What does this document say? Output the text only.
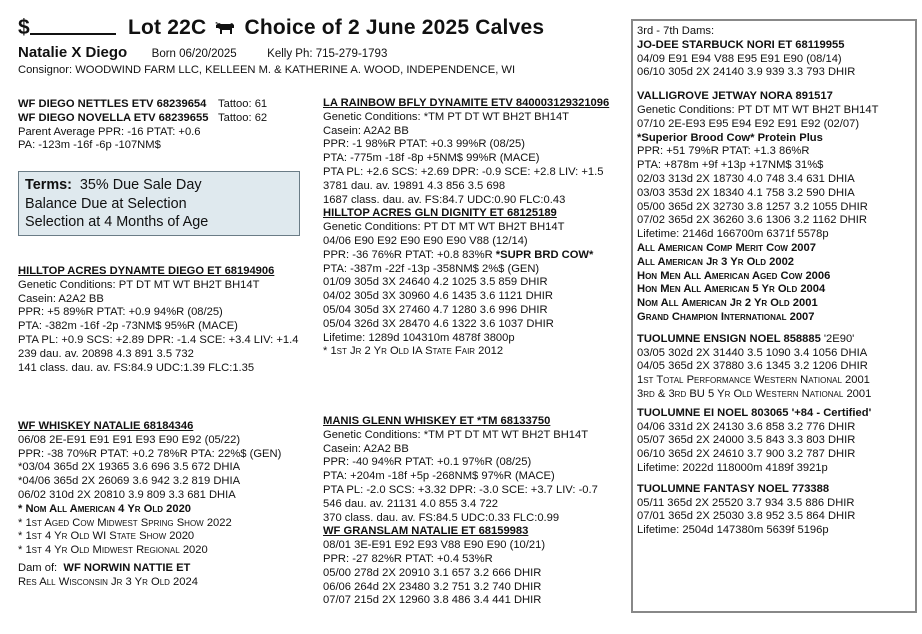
$	Lot 22C Choice of 2 June 2025 Calves
Natalie X Diego Born 06/20/2025	Kelly Ph: 715-279-1793
Consignor: WOODWIND FARM LLC, KELLEEN M. & KATHERINE A. WOOD, INDEPENDENCE, WI
WF DIEGO NETTLES ETV 68239654 Tattoo: 61
WF DIEGO NOVELLA ETV 68239655 Tattoo: 62
Parent Average PPR: -16 PTAT: +0.6
PA: -123m -16f -6p -107NM$
Terms: 35% Due Sale Day
Balance Due at Selection
Selection at 4 Months of Age
HILLTOP ACRES DYNAMTE DIEGO ET 68194906
Genetic Conditions: PT DT MT WT BH2T BH14T
Casein: A2A2 BB
PPR: +5 89%R PTAT: +0.9 94%R (08/25)
PTA: -382m -16f -2p -73NM$ 95%R (MACE)
PTA PL: +0.9 SCS: +2.89 DPR: -1.4 SCE: +3.4 LIV: +1.4
239 dau. av. 20898 4.3 891 3.5 732
141 class. dau. av. FS:84.9 UDC:1.39 FLC:1.35
WF WHISKEY NATALIE 68184346
06/08 2E-E91 E91 E91 E93 E90 E92 (05/22)
PPR: -38 70%R PTAT: +0.2 78%R PTA: 22%$ (GEN)
*03/04 365d 2X 19365 3.6 696 3.5 672 DHIA
*04/06 365d 2X 26069 3.6 942 3.2 819 DHIA
06/02 310d 2X 20810 3.9 809 3.3 681 DHIA
* Nom All American 4 Yr Old 2020
* 1st Aged Cow Midwest Spring Show 2022
* 1st 4 Yr Old WI State Show 2020
* 1st 4 Yr Old Midwest Regional 2020
Dam of: WF NORWIN NATTIE ET
Res All Wisconsin Jr 3 Yr Old 2024
LA RAINBOW BFLY DYNAMITE ETV 840003129321096
Genetic Conditions: *TM PT DT WT BH2T BH14T
Casein: A2A2 BB
PPR: -1 98%R PTAT: +0.3 99%R (08/25)
PTA: -775m -18f -8p +5NM$ 99%R (MACE)
PTA PL: +2.6 SCS: +2.69 DPR: -0.9 SCE: +2.8 LIV: +1.5
3781 dau. av. 19891 4.3 856 3.5 698
1687 class. dau. av. FS:84.7 UDC:0.90 FLC:0.43
HILLTOP ACRES GLN DIGNITY ET 68125189
Genetic Conditions: PT DT MT WT BH2T BH14T
04/06 E90 E92 E90 E90 E90 V88 (12/14)
PPR: -36 76%R PTAT: +0.8 83%R *SUPR BRD COW*
PTA: -387m -22f -13p -358NM$ 2%$ (GEN)
01/09 305d 3X 24640 4.2 1025 3.5 859 DHIR
04/02 305d 3X 30960 4.6 1435 3.6 1121 DHIR
05/04 305d 3X 27460 4.7 1280 3.6 996 DHIR
05/04 326d 3X 28470 4.6 1322 3.6 1037 DHIR
Lifetime: 1289d 104310m 4878f 3800p
* 1st Jr 2 Yr Old IA State Fair 2012
MANIS GLENN WHISKEY ET *TM 68133750
Genetic Conditions: *TM PT DT MT WT BH2T BH14T
Casein: A2A2 BB
PPR: -40 94%R PTAT: +0.1 97%R (08/25)
PTA: +204m -18f +5p -268NM$ 97%R (MACE)
PTA PL: -2.0 SCS: +3.32 DPR: -3.0 SCE: +3.7 LIV: -0.7
546 dau. av. 21131 4.0 855 3.4 722
370 class. dau. av. FS:84.5 UDC:0.33 FLC:0.99
WF GRANSLAM NATALIE ET 68159983
08/01 3E-E91 E92 E93 V88 E90 E90 (10/21)
PPR: -27 82%R PTAT: +0.4 53%R
05/00 278d 2X 20910 3.1 657 3.2 666 DHIR
06/06 264d 2X 23480 3.2 751 3.2 740 DHIR
07/07 215d 2X 12960 3.8 486 3.4 441 DHIR
3rd - 7th Dams:
JO-DEE STARBUCK NORI ET 68119955
04/09 E91 E94 V88 E95 E91 E90 (08/14)
06/10 305d 2X 24140 3.9 939 3.3 793 DHIR
VALLIGROVE JETWAY NORA 891517
Genetic Conditions: PT DT MT WT BH2T BH14T
07/10 2E-E93 E95 E94 E92 E91 E92 (02/07)
*Superior Brood Cow* Protein Plus
PPR: +51 79%R PTAT: +1.3 86%R
PTA: +878m +9f +13p +17NM$ 31%$
02/03 313d 2X 18730 4.0 748 3.4 631 DHIA
03/03 353d 2X 18340 4.1 758 3.2 590 DHIA
05/00 365d 2X 32730 3.8 1257 3.2 1055 DHIR
07/02 365d 2X 36260 3.6 1306 3.2 1162 DHIR
Lifetime: 2146d 166700m 6371f 5578p
All American Comp Merit Cow 2007
All American Jr 3 Yr Old 2002
Hon Men All American Aged Cow 2006
Hon Men All American 5 Yr Old 2004
Nom All American Jr 2 Yr Old 2001
Grand Champion International 2007
TUOLUMNE ENSIGN NOEL 858885 '2E90'
03/05 302d 2X 31440 3.5 1090 3.4 1056 DHIA
04/05 365d 2X 37880 3.6 1345 3.2 1206 DHIR
1st Total Performance Western National 2001
3rd & 3rd BU 5 Yr Old Western National 2001
TUOLUMNE EI NOEL 803065 '+84 - Certified'
04/06 331d 2X 24130 3.6 858 3.2 776 DHIR
05/07 365d 2X 24000 3.5 843 3.3 803 DHIR
06/10 365d 2X 24610 3.7 900 3.2 787 DHIR
Lifetime: 2022d 118000m 4189f 3921p
TUOLUMNE FANTASY NOEL 773388
05/11 365d 2X 25520 3.7 934 3.5 886 DHIR
07/01 365d 2X 25030 3.8 952 3.5 864 DHIR
Lifetime: 2504d 147380m 5639f 5196p
